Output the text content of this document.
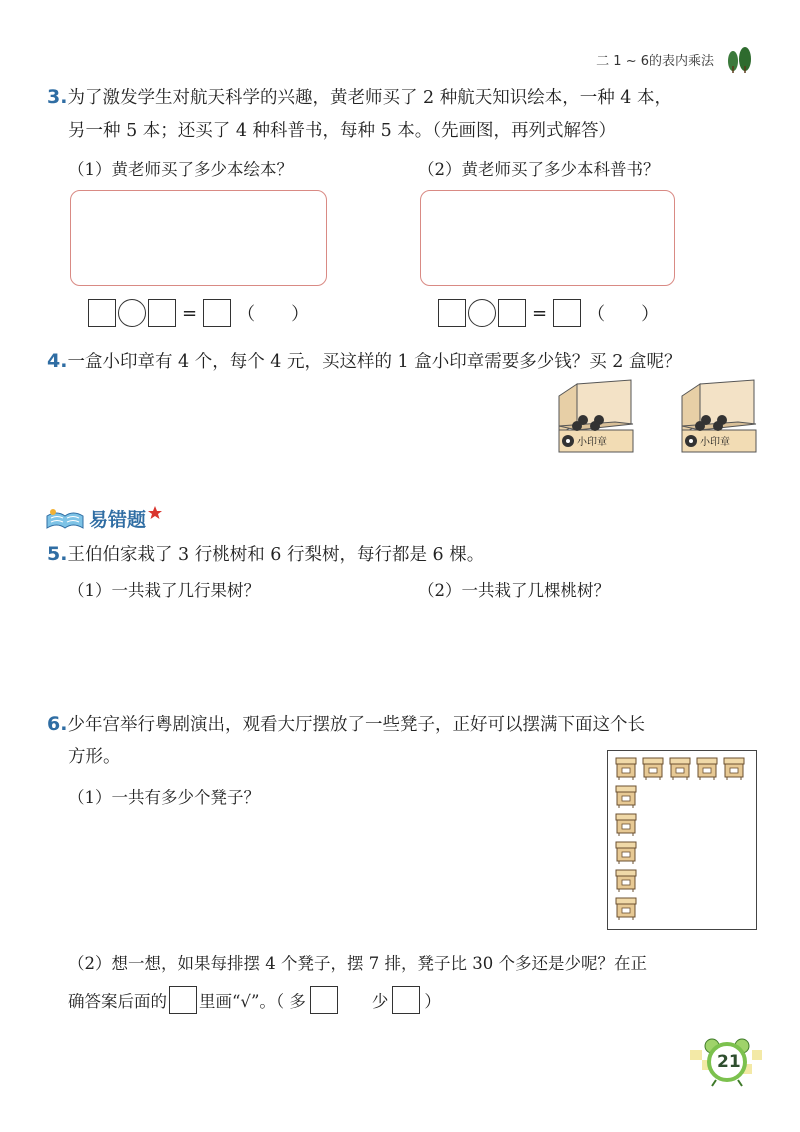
二 1 ~ 6的表内乘法
3.为了激发学生对航天科学的兴趣，黄老师买了 2 种航天知识绘本，一种 4 本，
另一种 5 本；还买了 4 种科普书，每种 5 本。（先画图，再列式解答）
（1）黄老师买了多少本绘本？	（2）黄老师买了多少本科普书？
= （　　）	= （　　）
4.一盒小印章有 4 个，每个 4 元，买这样的 1 盒小印章需要多少钱？买 2 盒呢？
小印章	小印章
易错题
5.王伯伯家栽了 3 行桃树和 6 行梨树，每行都是 6 棵。
（1）一共栽了几行果树？	（2）一共栽了几棵桃树？
6.少年宫举行粤剧演出，观看大厅摆放了一些凳子，正好可以摆满下面这个长
方形。
（1）一共有多少个凳子？
（2）想一想，如果每排摆 4 个凳子，摆 7 排，凳子比 30 个多还是少呢？在正
确答案后面的 里画“√”。（ 多	少 ）
21
